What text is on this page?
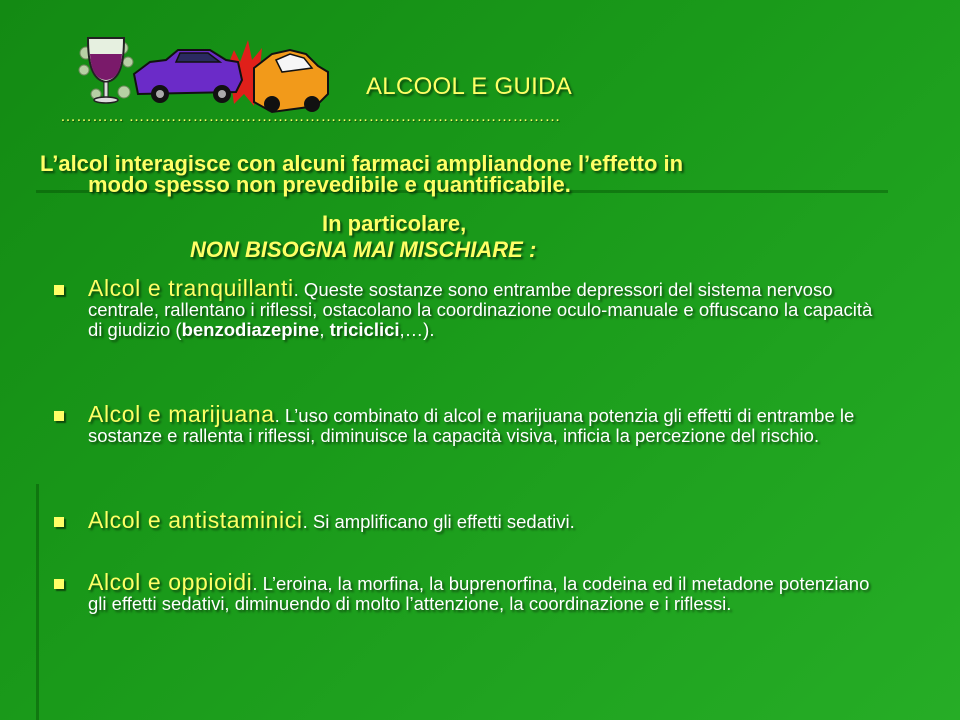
ALCOOL E GUIDA
………… ………………………………………………………………………
L’alcol interagisce con alcuni farmaci ampliandone l’effetto in
modo spesso non prevedibile e quantificabile.
In particolare,
NON BISOGNA MAI MISCHIARE :
Alcol e tranquillanti. Queste sostanze sono entrambe depressori del sistema nervoso centrale, rallentano i riflessi, ostacolano la coordinazione oculo-manuale e offuscano la capacità di giudizio (benzodiazepine, triciclici,…).
Alcol e marijuana. L’uso combinato di alcol e marijuana potenzia gli effetti di entrambe le sostanze e rallenta i riflessi, diminuisce la capacità visiva, inficia la percezione del rischio.
Alcol e antistaminici. Si amplificano gli effetti sedativi.
Alcol e oppioidi. L’eroina, la morfina, la buprenorfina, la codeina ed il metadone potenziano gli effetti sedativi, diminuendo di molto l’attenzione, la coordinazione e i riflessi.
